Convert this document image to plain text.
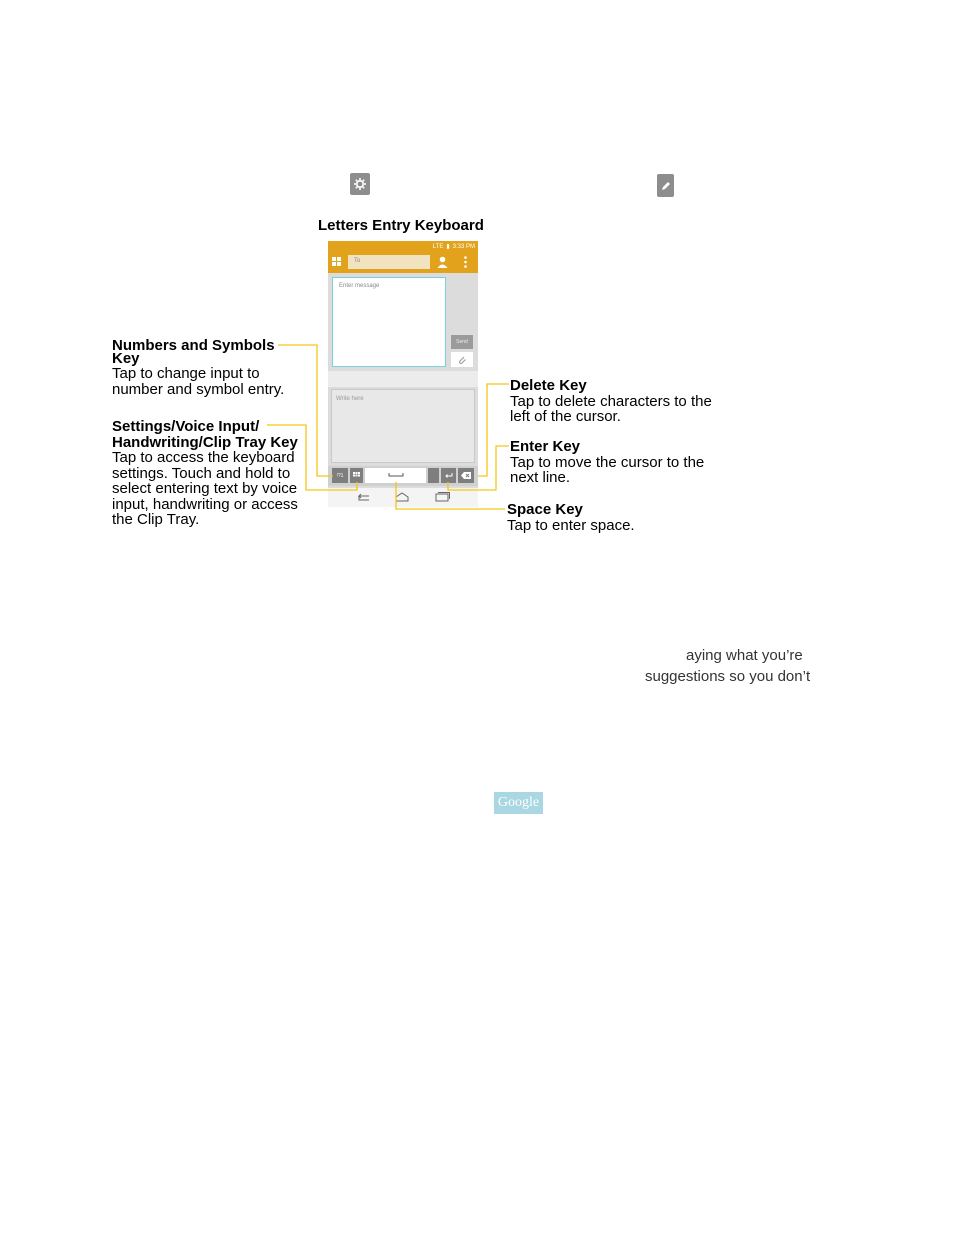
Letters Entry Keyboard
LTE ▮ 3:33 PM
To
Enter message
Send
Write here
!?1
Numbers and Symbols
Key
Tap to change input to
number and symbol entry.
Settings/Voice Input/
Handwriting/Clip Tray Key
Tap to access the keyboard
settings. Touch and hold to
select entering text by voice
input, handwriting or access
the Clip Tray.
Delete Key
Tap to delete characters to the
left of the cursor.
Enter Key
Tap to move the cursor to the
next line.
Space Key
Tap to enter space.
aying what you’re
suggestions so you don’t
Google
